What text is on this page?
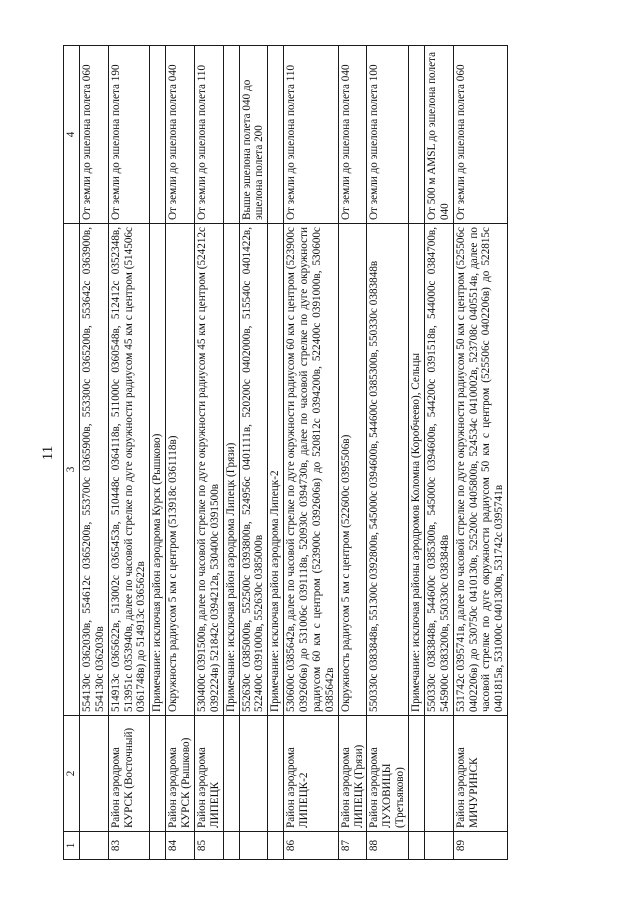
11
1	2	3	4
		554130с 0362030в, 554612с 0365200в, 553700с 0365900в, 553300с 0365200в, 553642с 0363900в, 554130с 0362030в	От земли до эшелона полета 060
83	Район аэродрома КУРСК (Восточный)	514913с 0365622в, 513002с 0365453в, 510448с 0364118в, 511000с 0360548в, 512412с 0352348в, 513951с 0353940в, далее по часовой стрелке по дуге окружности радиусом 45 км с центром (514506с 0361748в) до 514913с 0365622в	От земли до эшелона полета 190
		Примечание: исключая район аэродрома Курск (Рышково)	
84	Район аэродрома КУРСК (Рышково)	Окружность радиусом 5 км с центром (513918с 0361118в)	От земли до эшелона полета 040
85	Район аэродрома ЛИПЕЦК	530400с 0391500в, далее по часовой стрелке по дуге окружности радиусом 45 км с центром (524212с 0392224в) 521842с 0394212в, 530400с 0391500в	От земли до эшелона полета 110
		Примечание: исключая район аэродрома Липецк (Грязи)	
		552630с 0385000в, 552500с 0393800в, 524956с 0401111в, 520200с 0402000в, 515540с 0401422в, 522400с 0391000в, 552630с 0385000в	Выше эшелона полета 040 до эшелона полета 200
		Примечание: исключая район аэродрома Липецк-2	
86	Район аэродрома ЛИПЕЦК-2	530600с 0385642в, далее по часовой стрелке по дуге окружности радиусом 60 км с центром (523900с 0392606в) до 531006с 0391118в, 520930с 0394730в, далее по часовой стрелке по дуге окружности радиусом 60 км с центром (523900с 0392606в) до 520812с 0394200в, 522400с 0391000в, 530600с 0385642в	От земли до эшелона полета 110
87	Район аэродрома ЛИПЕЦК (Грязи)	Окружность радиусом 5 км с центром (522600с 0395506в)	От земли до эшелона полета 040
88	Район аэродрома ЛУХОВИЦЫ (Третьяково)	550330с 0383848в, 551300с 0392800в, 545000с 0394600в, 544600с 0385300в, 550330с 0383848в	От земли до эшелона полета 100
		Примечание: исключая районы аэродромов Коломна (Коробчеево), Сельцы	
		550330с 0383848в, 544600с 0385300в, 545000с 0394600в, 544200с 0391518в, 544000с 0384700в, 545900с 0383200в, 550330с 0383848в	От 500 м AMSL до эшелона полета 040
89	Район аэродрома МИЧУРИНСК	531742с 0395741в, далее по часовой стрелке по дуге окружности радиусом 50 км с центром (525506с 0402206в) до 530750с 0410130в, 525200с 0405800в, 524534с 0410002в, 523708с 0405514в, далее по часовой стрелке по дуге окружности радиусом 50 км с центром (525506с 0402206в) до 522815с 0401815в, 531000с 0401300в, 531742с 0395741в	От земли до эшелона полета 060
